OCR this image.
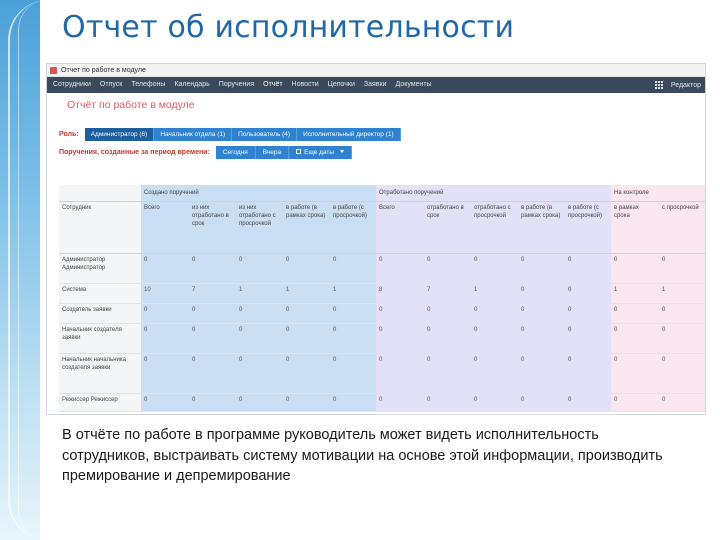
Отчет об исполнительности
Отчет по работе в модуле
Сотрудники Отпуск Телефоны Календарь Поручения Отчёт Новости Цепочки Заявки Документы	Редактор
Отчёт по работе в модуле
Роль:	Администратор (6)	Начальник отдела (1)	Пользователь (4)	Исполнительный директор (1)
Поручения, созданные за период времени:	Сегодня	Вчера	Еще даты
	Создано поручений					Отработано поручений					На контроле	
Сотрудник	Всего	из них отработано в срок	из них отработано с просрочкой	в работе (в рамках срока)	в работе (с просрочкой)	Всего	отработано в срок	отработано с просрочкой	в работе (в рамках срока)	в работе (с просрочкой)	в рамках срока	с просрочкой
Администратор Администратор	0	0	0	0	0	0	0	0	0	0	0	0
Система	10	7	1	1	1	8	7	1	0	0	1	1
Создатель заявки	0	0	0	0	0	0	0	0	0	0	0	0
Начальник создателя заявки	0	0	0	0	0	0	0	0	0	0	0	0
Начальник начальника создателя заявки	0	0	0	0	0	0	0	0	0	0	0	0
Режиссер Режиссер	0	0	0	0	0	0	0	0	0	0	0	0
В отчёте по работе в программе руководитель может видеть исполнительность сотрудников, выстраивать систему мотивации на основе этой информации, производить премирование и депремирование
